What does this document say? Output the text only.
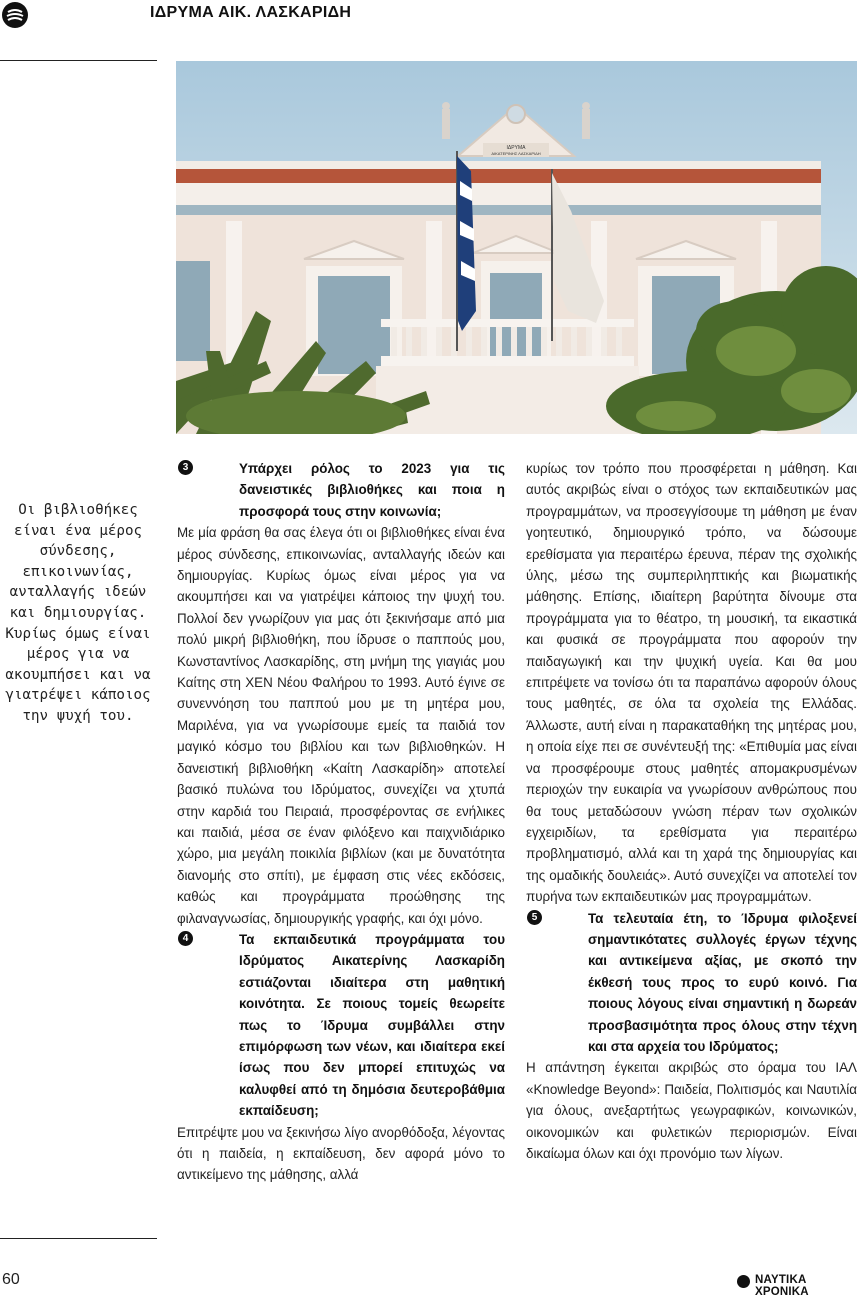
ΙΔΡΥΜΑ ΑΙΚ. ΛΑΣΚΑΡΙΔΗ
ΙΔΡΥΜΑ
ΑΙΚΑΤΕΡΙΝΗΣ ΛΑΣΚΑΡΙΔΗ
Οι βιβλιοθήκες είναι ένα μέρος σύνδεσης, επικοινωνίας, ανταλλαγής ιδεών και δημιουργίας. Κυρίως όμως είναι μέρος για να ακουμπήσει και να γιατρέψει κάποιος την ψυχή του.

3	Υπάρχει ρόλος το 2023 για τις δανειστικές βιβλιοθήκες και ποια η προσφορά τους στην κοινωνία;

Με μία φράση θα σας έλεγα ότι οι βιβλιοθήκες είναι ένα μέρος σύνδεσης, επικοινωνίας, ανταλλαγής ιδεών και δημιουργίας. Κυρίως όμως είναι μέρος για να ακουμπήσει και να γιατρέψει κάποιος την ψυχή του. Πολλοί δεν γνωρίζουν για μας ότι ξεκινήσαμε από μια πολύ μικρή βιβλιοθήκη, που ίδρυσε ο παππούς μου, Κωνσταντίνος Λασκαρίδης, στη μνήμη της γιαγιάς μου Καίτης στη ΧΕΝ Νέου Φαλήρου το 1993. Αυτό έγινε σε συνεννόηση του παππού μου με τη μητέρα μου, Μαριλένα, για να γνωρίσουμε εμείς τα παιδιά τον μαγικό κόσμο του βιβλίου και των βιβλιοθηκών. Η δανειστική βιβλιοθήκη «Καίτη Λασκαρίδη» αποτελεί βασικό πυλώνα του Ιδρύματος, συνεχίζει να χτυπά στην καρδιά του Πειραιά, προσφέροντας σε ενήλικες και παιδιά, μέσα σε έναν φιλόξενο και παιχνιδιάρικο χώρο, μια μεγάλη ποικιλία βιβλίων (και με δυνατότητα διανομής στο σπίτι), με έμφαση στις νέες εκδόσεις, καθώς και προγράμματα προώθησης της φιλαναγνωσίας, δημιουργικής γραφής, και όχι μόνο.

4	Τα εκπαιδευτικά προγράμματα του Ιδρύματος Αικατερίνης Λασκαρίδη εστιάζονται ιδιαίτερα στη μαθητική κοινότητα. Σε ποιους τομείς θεωρείτε πως το Ίδρυμα συμβάλλει στην επιμόρφωση των νέων, και ιδιαίτερα εκεί ίσως που δεν μπορεί επιτυχώς να καλυφθεί από τη δημόσια δευτεροβάθμια εκπαίδευση;

Επιτρέψτε μου να ξεκινήσω λίγο ανορθόδοξα, λέγοντας ότι η παιδεία, η εκπαίδευση, δεν αφορά μόνο το αντικείμενο της μάθησης, αλλά

κυρίως τον τρόπο που προσφέρεται η μάθηση. Και αυτός ακριβώς είναι ο στόχος των εκπαιδευτικών μας προγραμμάτων, να προσεγγίσουμε τη μάθηση με έναν γοητευτικό, δημιουργικό τρόπο, να δώσουμε ερεθίσματα για περαιτέρω έρευνα, πέραν της σχολικής ύλης, μέσω της συμπεριληπτικής και βιωματικής μάθησης. Επίσης, ιδιαίτερη βαρύτητα δίνουμε στα προγράμματα για το θέατρο, τη μουσική, τα εικαστικά και φυσικά σε προγράμματα που αφορούν την παιδαγωγική και την ψυχική υγεία. Και θα μου επιτρέψετε να τονίσω ότι τα παραπάνω αφορούν όλους τους μαθητές, σε όλα τα σχολεία της Ελλάδας. Άλλωστε, αυτή είναι η παρακαταθήκη της μητέρας μου, η οποία είχε πει σε συνέντευξή της: «Επιθυμία μας είναι να προσφέρουμε στους μαθητές απομακρυσμένων περιοχών την ευκαιρία να γνωρίσουν ανθρώπους που θα τους μεταδώσουν γνώση πέραν των σχολικών εγχειριδίων, τα ερεθίσματα για περαιτέρω προβληματισμό, αλλά και τη χαρά της δημιουργίας και της ομαδικής δουλειάς». Αυτό συνεχίζει να αποτελεί τον πυρήνα των εκπαιδευτικών μας προγραμμάτων.

5	Τα τελευταία έτη, το Ίδρυμα φιλοξενεί σημαντικότατες συλλογές έργων τέχνης και αντικείμενα αξίας, με σκοπό την έκθεσή τους προς το ευρύ κοινό. Για ποιους λόγους είναι σημαντική η δωρεάν προσβασιμότητα προς όλους στην τέχνη και στα αρχεία του Ιδρύματος;

Η απάντηση έγκειται ακριβώς στο όραμα του ΙΑΛ «Knowledge Beyond»: Παιδεία, Πολιτισμός και Ναυτιλία για όλους, ανεξαρτήτως γεωγραφικών, κοινωνικών, οικονομικών και φυλετικών περιορισμών. Είναι δικαίωμα όλων και όχι προνόμιο των λίγων.

60	ΝΑΥΤΙΚΑ ΧΡΟΝΙΚΑ
